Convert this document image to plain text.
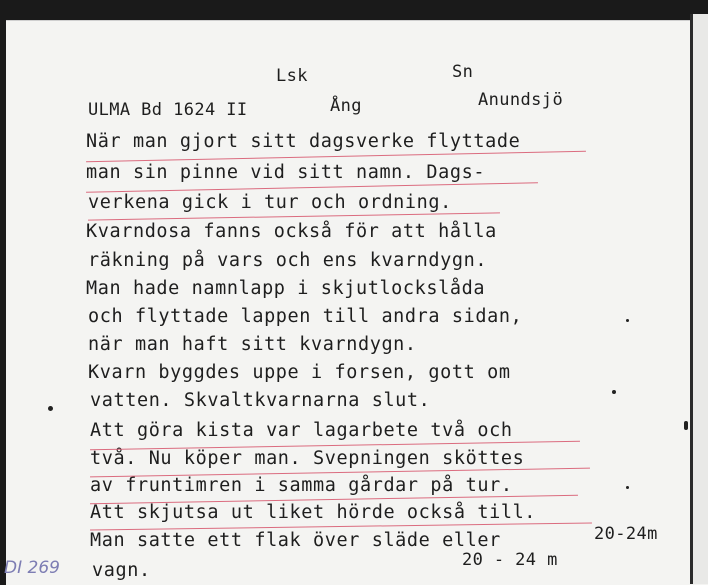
Lsk	Sn
ULMA Bd 1624 II	Ång	Anundsjö
När man gjort sitt dagsverke flyttade
man sin pinne vid sitt namn. Dags-
verkena gick i tur och ordning.
Kvarndosa fanns också för att hålla
räkning på vars och ens kvarndygn.
Man hade namnlapp i skjutlockslåda
och flyttade lappen till andra sidan,
när man haft sitt kvarndygn.
Kvarn byggdes uppe i forsen, gott om
vatten. Skvaltkvarnarna slut.
Att göra kista var lagarbete två och
två. Nu köper man. Svepningen sköttes
av fruntimren i samma gårdar på tur.
Att skjutsa ut liket hörde också till.
Man satte ett flak över släde eller
vagn.
20-24m
20 - 24 m
DI 269
